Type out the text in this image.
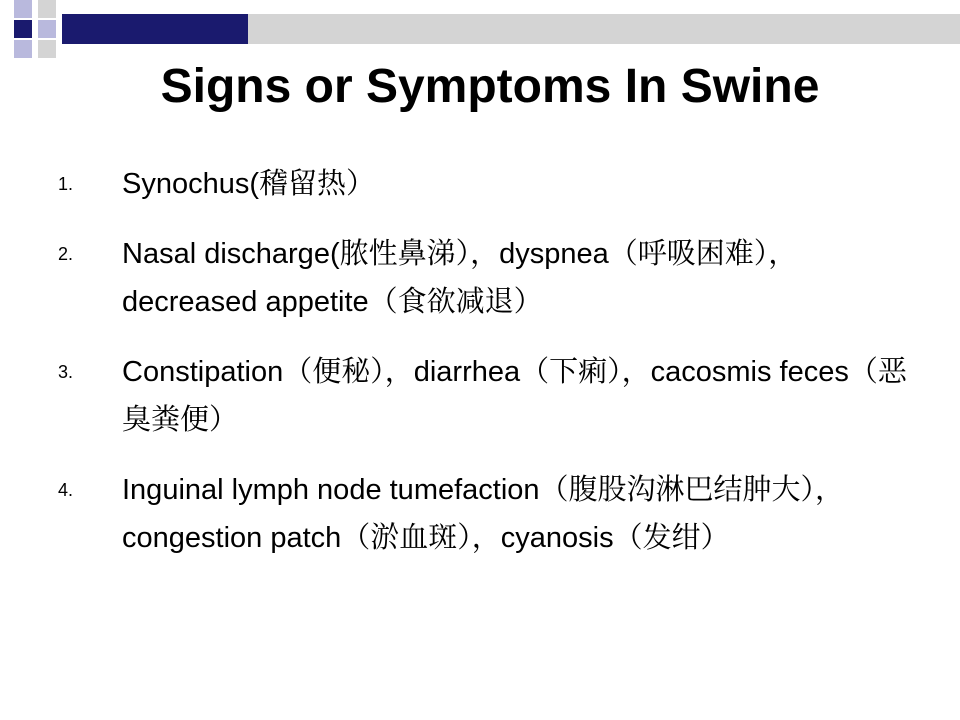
Signs or Symptoms In Swine
1. Synochus(稽留热）
2. Nasal discharge(脓性鼻涕），dyspnea（呼吸困难），decreased appetite（食欲减退）
3. Constipation（便秘），diarrhea（下痢），cacosmis feces（恶臭粪便）
4. Inguinal lymph node tumefaction（腹股沟淋巴结肿大），congestion patch（淤血斑），cyanosis（发绀）
